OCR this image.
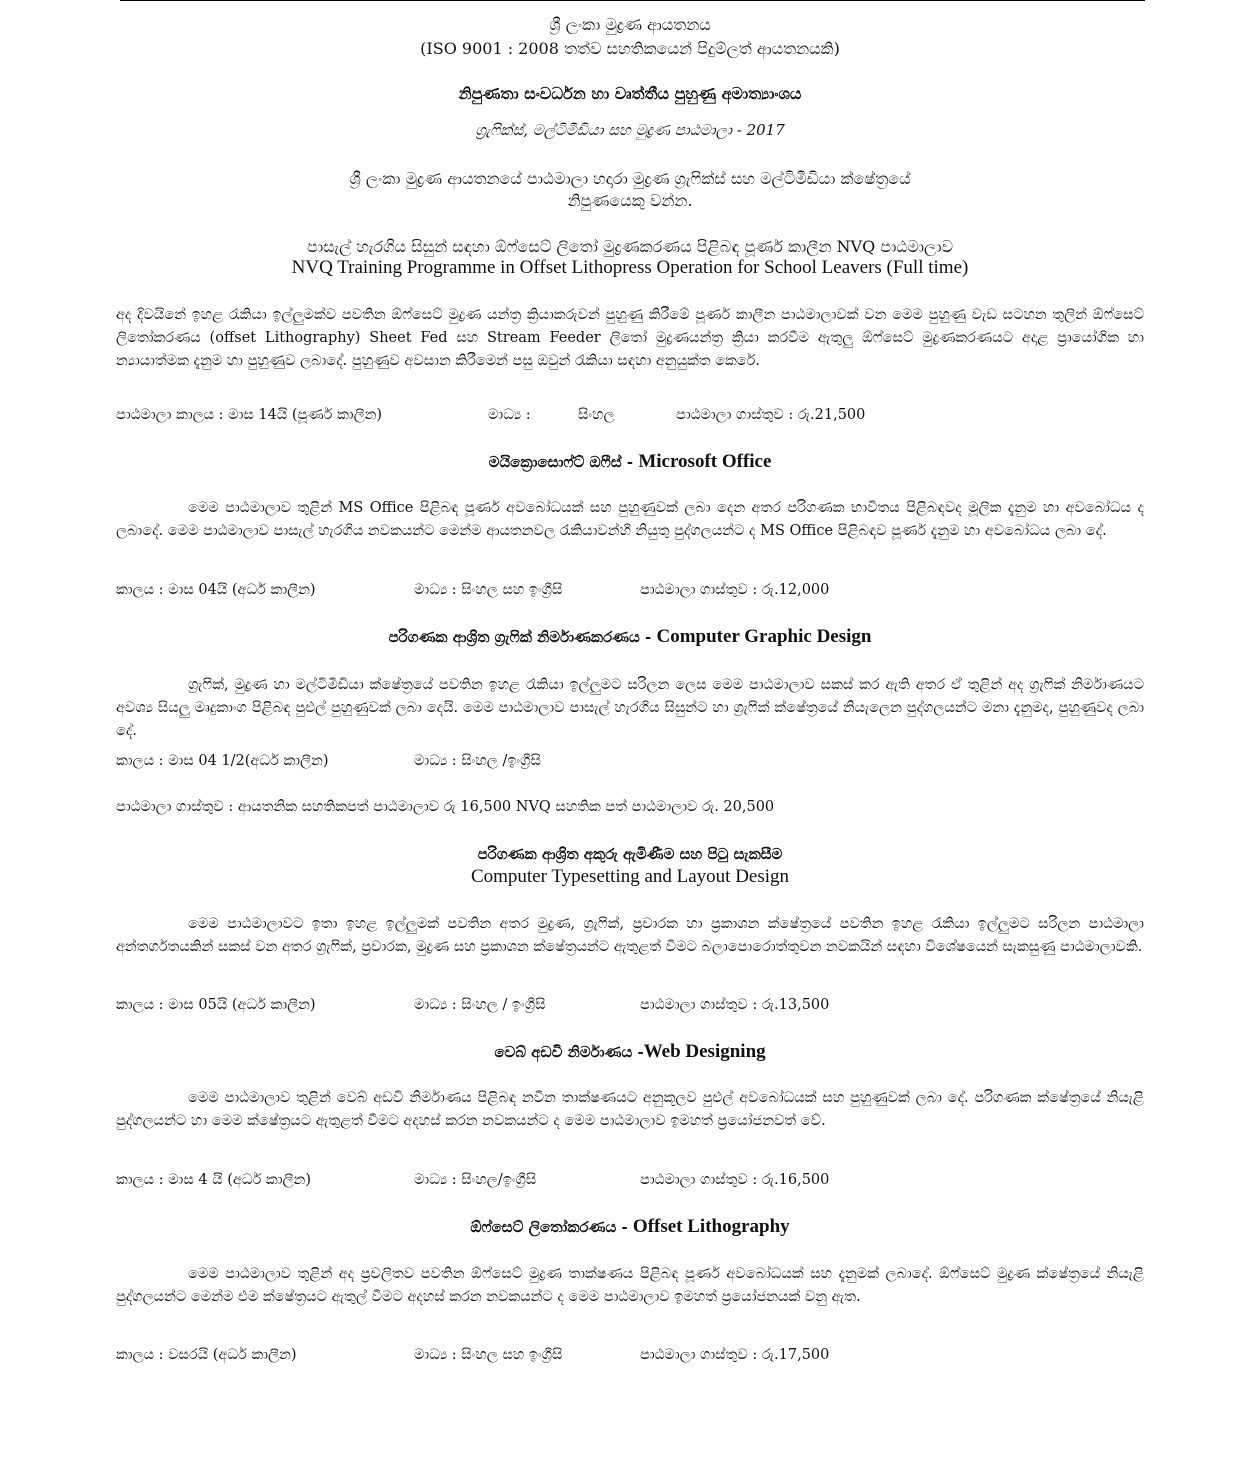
ශ්‍රී ලංකා මුද්‍රණ ආයතනය
(ISO 9001 : 2008 තත්ව සහතිකයෙන් පිදුම්ලත් ආයතනයකි)
නිපුණතා සංවර්ධන හා වෘත්තීය පුහුණු අමාත්‍යාංශය
ග්‍රැෆික්ස්, මල්ටිමීඩියා සහ මුද්‍රණ පාඨමාලා - 2017
ශ්‍රී ලංකා මුද්‍රණ ආයතනයේ පාඨමාලා හදාරා මුද්‍රණ ග්‍රැෆික්ස් සහ මල්ටිමීඩියා ක්ෂේත්‍රයේ නිපුණයෙකු වන්න.
පාසැල් හැරගිය සිසුන් සඳහා ඕෆ්සෙට් ලිතෝ මුද්‍රණකරණය පිළිබඳ පූර්ණ කාලීන NVQ පාඨමාලාව
NVQ Training Programme in Offset Lithopress Operation for School Leavers (Full time)
අද දිවයිනේ ඉහළ රැකියා ඉල්ලුමක්ව පවතින ඕෆ්සෙට් මුද්‍රණ යන්ත්‍ර ක්‍රියාකරුවන් පුහුණු කිරීමේ පූර්ණ කාලීන පාඨමාලාවක් වන මෙම පුහුණු වැඩ සටහන තුලින් ඕෆ්සෙට් ලිතෝකරණය (offset Lithography) Sheet Fed සහ Stream Feeder ලිතෝ මුද්‍රණයන්ත්‍ර ක්‍රියා කරවීම ඇතුලු ඕෆ්සෙට් මුද්‍රණකරණයට අදාළ ප්‍රායෝගික හා න්‍යායාත්මක දැනුම හා පුහුණුව ලබාදේ. පුහුණුව අවසාන කිරීමෙන් පසු ඔවුන් රැකියා සඳහා අනුයුක්ත කෙරේ.
පාඨමාලා කාලය : මාස 14යි (පූර්ණ කාලීන)	මාධ්‍ය :	සිංහල	පාඨමාලා ගාස්තුව : රු.21,500
මයික්‍රොසොෆ්ට් ඔෆීස් - Microsoft Office
මෙම පාඨමාලාව තුළින් MS Office පිළිබඳ පූර්ණ අවබෝධයක් සහ පුහුණුවක් ලබා දෙන අතර පරිගණක භාවිතය පිළිබඳවද මූලික දැනුම හා අවබෝධය ද ලබාදේ. මෙම පාඨමාලාව පාසැල් හැරගිය නවකයන්ට මෙන්ම ආයතනවල රැකියාවන්හි නියුතු පුද්ගලයන්ට ද MS Office පිළිබඳව පූර්ණ දැනුම හා අවබෝධය ලබා දේ.
කාලය : මාස 04යි (අර්ධ කාලීන)	මාධ්‍ය : සිංහල සහ ඉංග්‍රීසි	පාඨමාලා ගාස්තුව : රු.12,000
පරිගණක ආශ්‍රිත ග්‍රැෆික් නිර්මාණකරණය - Computer Graphic Design
ග්‍රැෆික්, මුද්‍රණ හා මල්ටිමීඩියා ක්ෂේත්‍රයේ පවතින ඉහළ රැකියා ඉල්ලුමට සරිලන ලෙස මෙම පාඨමාලාව සකස් කර ඇති අතර ඒ තුළින් අද ග්‍රැෆික් නිර්මාණයට අවශ්‍ය සියලු මෘදුකාංග පිළිබඳ පුළුල් පුහුණුවක් ලබා දෙයි. මෙම පාඨමාලාව පාසැල් හැරගිය සිසුන්ට හා ග්‍රැෆික් ක්ෂේත්‍රයේ නියැලෙන පුද්ගලයන්ට මනා දැනුමද, පුහුණුවද ලබා දේ.
කාලය : මාස 04 1/2(අර්ධ කාලීන)	මාධ්‍ය : සිංහල /ඉංග්‍රීසි
පාඨමාලා ගාස්තුව : ආයතනික සහතිකපත් පාඨමාලාව රු 16,500 NVQ සහතික පත් පාඨමාලාව රු. 20,500
පරිගණක ආශ්‍රිත අකුරු ඇමිණීම සහ පිටු සැකසීම
Computer Typesetting and Layout Design
මෙම පාඨමාලාවට ඉතා ඉහළ ඉල්ලුමක් පවතින අතර මුද්‍රණ, ග්‍රැෆික්, ප්‍රචාරක හා ප්‍රකාශන ක්ෂේත්‍රයේ පවතින ඉහළ රැකියා ඉල්ලුමට සරිලන පාඨමාලා අන්තර්ගතයකින් සකස් වන අතර ග්‍රැෆික්, ප්‍රචාරක, මුද්‍රණ සහ ප්‍රකාශන ක්ෂේත්‍රයන්ට ඇතුළත් වීමට බලාපොරොත්තුවන නවකයින් සඳහා විශේෂයෙන් සැකසුණු පාඨමාලාවකි.
කාලය : මාස 05යි (අර්ධ කාලීන)	මාධ්‍ය : සිංහල / ඉංග්‍රීසි	පාඨමාලා ගාස්තුව : රු.13,500
වෙබ් අඩවි නිර්මාණය -Web Designing
මෙම පාඨමාලාව තුළින් වෙබ් අඩවි නිර්මාණය පිළිබඳ නවීන තාක්ෂණයට අනුකූලව පුළුල් අවබෝධයක් සහ පුහුණුවක් ලබා දේ. පරිගණක ක්ෂේත්‍රයේ නියැළි පුද්ගලයන්ට හා මෙම ක්ෂේත්‍රයට ඇතුළත් වීමට අදහස් කරන නවකයන්ට ද මෙම පාඨමාලාව ඉමහත් ප්‍රයෝජනවත් වේ.
කාලය : මාස 4 යි (අර්ධ කාලීන)	මාධ්‍ය : සිංහල/ඉංග්‍රීසි	පාඨමාලා ගාස්තුව : රු.16,500
ඕෆ්සෙට් ලිතෝකරණය - Offset Lithography
මෙම පාඨමාලාව තුළින් අද ප්‍රචලිතව පවතින ඕෆ්සෙට් මුද්‍රණ තාක්ෂණය පිළිබඳ පූර්ණ අවබෝධයක් සහ දැනුමක් ලබාදේ. ඕෆ්සෙට් මුද්‍රණ ක්ෂේත්‍රයේ නියැළි පුද්ගලයන්ට මෙන්ම එම ක්ෂේත්‍රයට ඇතුල් වීමට අදහස් කරන නවකයන්ට ද මෙම පාඨමාලාව ඉමහත් ප්‍රයෝජනයක් වනු ඇත.
කාලය : වසරයි (අර්ධ කාලීන)	මාධ්‍ය : සිංහල සහ ඉංග්‍රීසි	පාඨමාලා ගාස්තුව : රු.17,500
